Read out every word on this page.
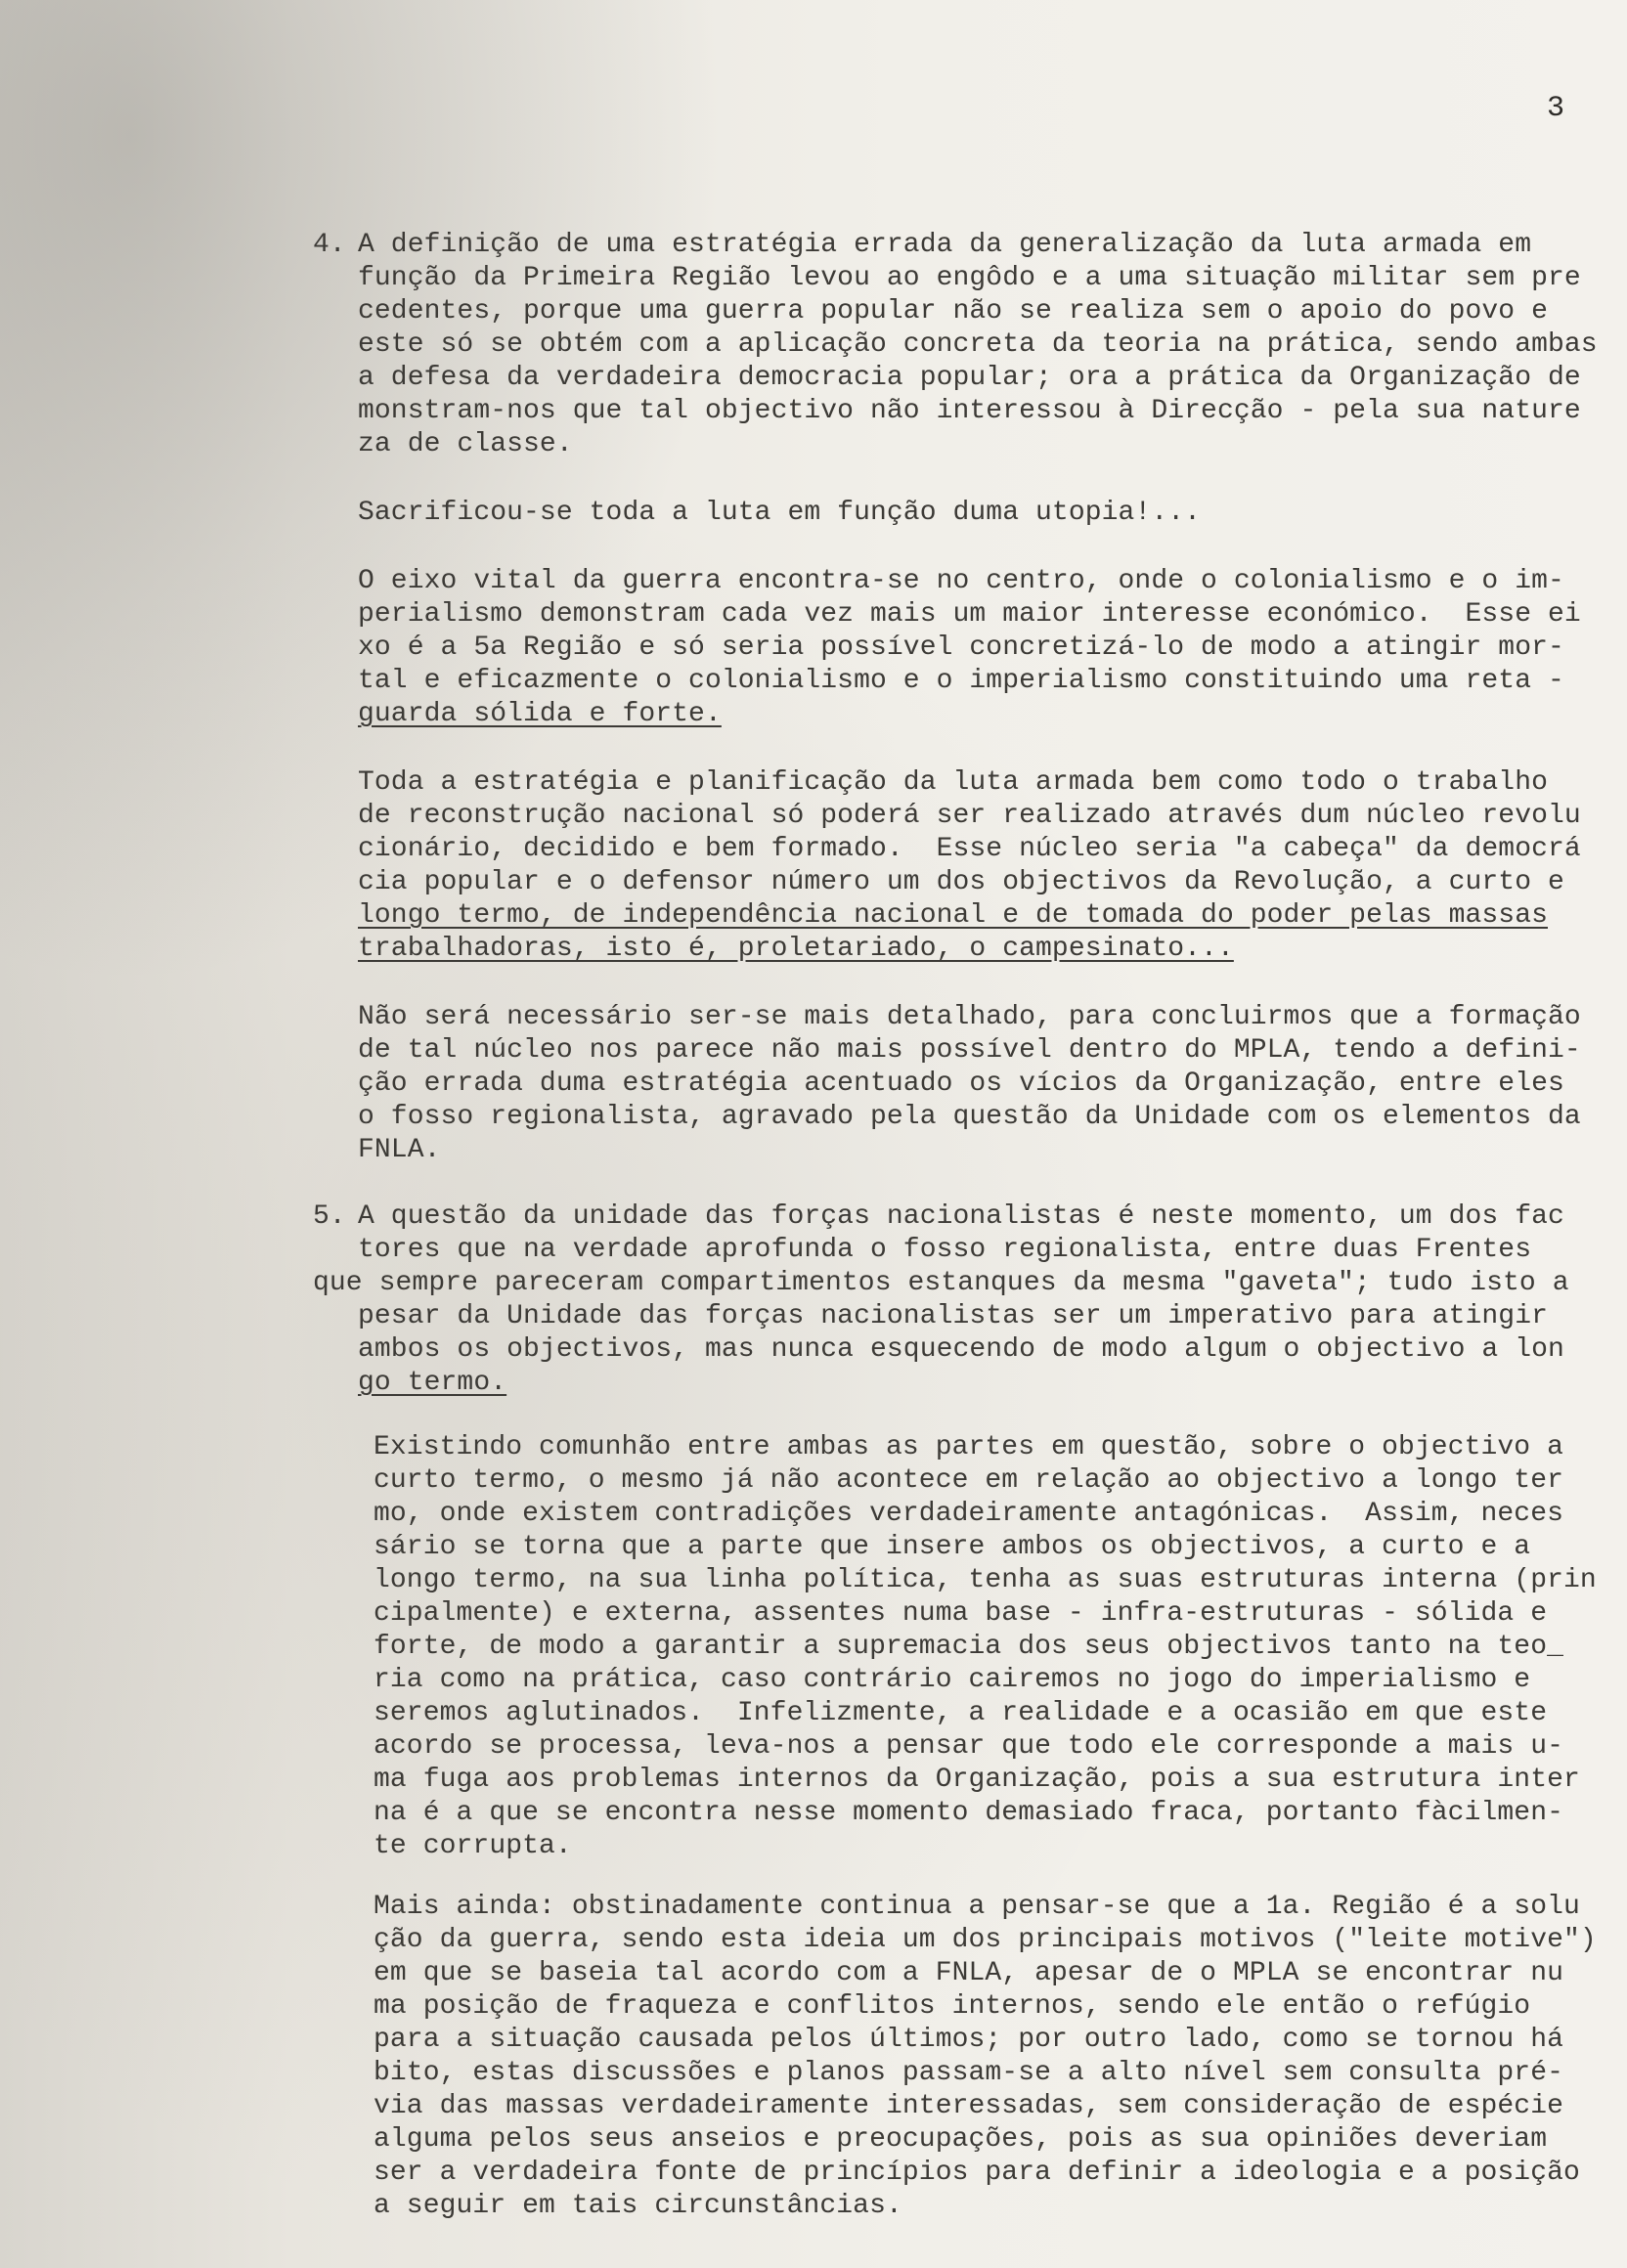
3
4. A definição de uma estratégia errada da generalização da luta armada em
função da Primeira Região levou ao engôdo e a uma situação militar sem pre
cedentes, porque uma guerra popular não se realiza sem o apoio do povo e
este só se obtém com a aplicação concreta da teoria na prática, sendo ambas
a defesa da verdadeira democracia popular; ora a prática da Organização de
monstram-nos que tal objectivo não interessou à Direcção - pela sua nature
za de classe.
Sacrificou-se toda a luta em função duma utopia!...
O eixo vital da guerra encontra-se no centro, onde o colonialismo e o im-
perialismo demonstram cada vez mais um maior interesse económico.  Esse ei
xo é a 5a Região e só seria possível concretizá-lo de modo a atingir mor-
tal e eficazmente o colonialismo e o imperialismo constituindo uma reta -
guarda sólida e forte.
Toda a estratégia e planificação da luta armada bem como todo o trabalho
de reconstrução nacional só poderá ser realizado através dum núcleo revolu
cionário, decidido e bem formado.  Esse núcleo seria "a cabeça" da democrá
cia popular e o defensor número um dos objectivos da Revolução, a curto e
longo termo, de independência nacional e de tomada do poder pelas massas
trabalhadoras, isto é, proletariado, o campesinato...
Não será necessário ser-se mais detalhado, para concluirmos que a formação
de tal núcleo nos parece não mais possível dentro do MPLA, tendo a defini-
ção errada duma estratégia acentuado os vícios da Organização, entre eles
o fosso regionalista, agravado pela questão da Unidade com os elementos da
FNLA.
5. A questão da unidade das forças nacionalistas é neste momento, um dos fac
tores que na verdade aprofunda o fosso regionalista, entre duas Frentes
que sempre pareceram compartimentos estanques da mesma "gaveta"; tudo isto a
pesar da Unidade das forças nacionalistas ser um imperativo para atingir
ambos os objectivos, mas nunca esquecendo de modo algum o objectivo a lon
go termo.
Existindo comunhão entre ambas as partes em questão, sobre o objectivo a
curto termo, o mesmo já não acontece em relação ao objectivo a longo ter
mo, onde existem contradições verdadeiramente antagónicas.  Assim, neces
sário se torna que a parte que insere ambos os objectivos, a curto e a
longo termo, na sua linha política, tenha as suas estruturas interna (prin
cipalmente) e externa, assentes numa base - infra-estruturas - sólida e
forte, de modo a garantir a supremacia dos seus objectivos tanto na teo_
ria como na prática, caso contrário cairemos no jogo do imperialismo e
seremos aglutinados.  Infelizmente, a realidade e a ocasião em que este
acordo se processa, leva-nos a pensar que todo ele corresponde a mais u-
ma fuga aos problemas internos da Organização, pois a sua estrutura inter
na é a que se encontra nesse momento demasiado fraca, portanto fàcilmen-
te corrupta.
Mais ainda: obstinadamente continua a pensar-se que a 1a. Região é a solu
ção da guerra, sendo esta ideia um dos principais motivos ("leite motive")
em que se baseia tal acordo com a FNLA, apesar de o MPLA se encontrar nu
ma posição de fraqueza e conflitos internos, sendo ele então o refúgio
para a situação causada pelos últimos; por outro lado, como se tornou há
bito, estas discussões e planos passam-se a alto nível sem consulta pré-
via das massas verdadeiramente interessadas, sem consideração de espécie
alguma pelos seus anseios e preocupações, pois as sua opiniões deveriam
ser a verdadeira fonte de princípios para definir a ideologia e a posição
a seguir em tais circunstâncias.
